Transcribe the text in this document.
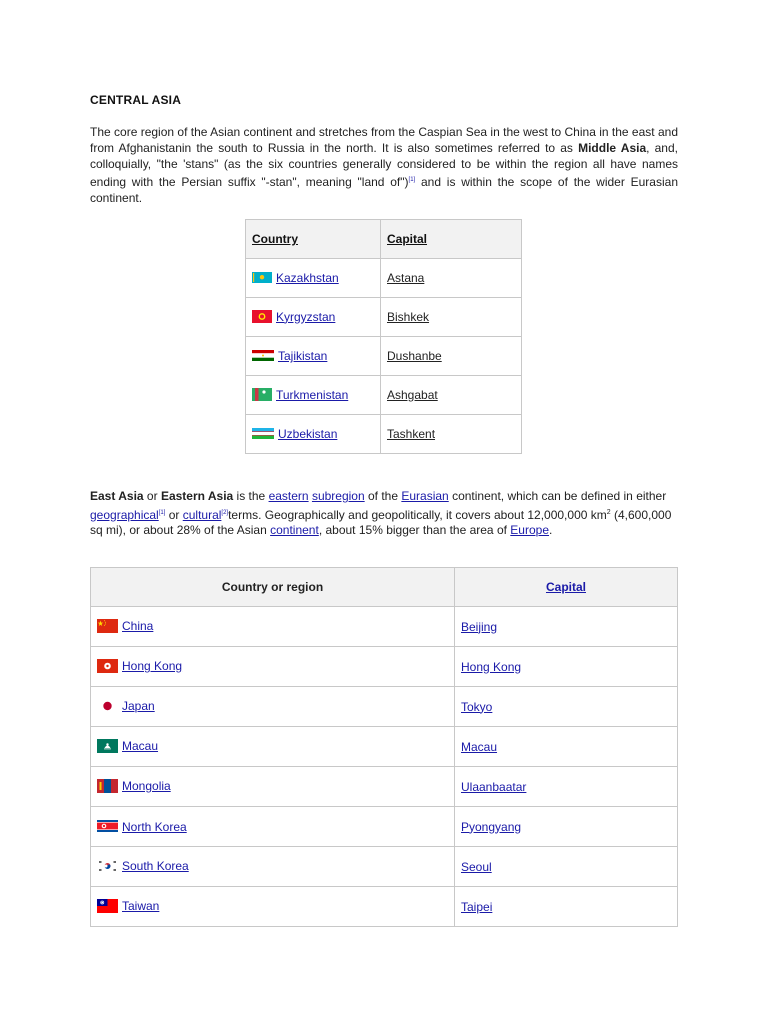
CENTRAL ASIA

The core region of the Asian continent and stretches from the Caspian Sea in the west to China in the east and from Afghanistanin the south to Russia in the north. It is also sometimes referred to as Middle Asia, and, colloquially, "the 'stans" (as the six countries generally considered to be within the region all have names ending with the Persian suffix "-stan", meaning "land of")[1] and is within the scope of the wider Eurasian continent.

Country	Capital

Kazakhstan	Astana

Kyrgyzstan	Bishkek

Tajikistan	Dushanbe

Turkmenistan	Ashgabat

Uzbekistan	Tashkent

East Asia or Eastern Asia is the eastern subregion of the Eurasian continent, which can be defined in either geographical[1] or cultural[2]terms. Geographically and geopolitically, it covers about 12,000,000 $km^2$ (4,600,000 sq mi), or about 28% of the Asian continent, about 15% bigger than the area of Europe.

Country or region	Capital

China	Beijing

Hong Kong	Hong Kong

Japan	Tokyo

Macau	Macau

Mongolia	Ulaanbaatar

North Korea	Pyongyang

South Korea	Seoul

Taiwan	Taipei
